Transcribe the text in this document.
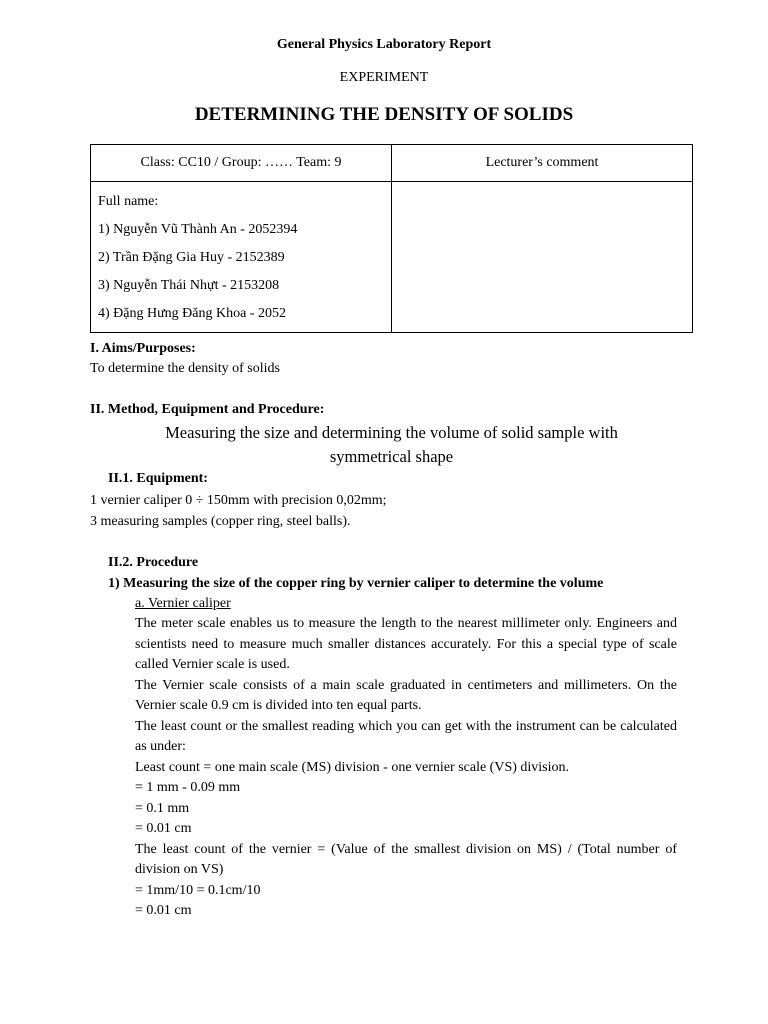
General Physics Laboratory Report
EXPERIMENT
DETERMINING THE DENSITY OF SOLIDS
Class: CC10 / Group: …… Team: 9	Lecturer’s comment

Full name:
1) Nguyễn Vũ Thành An - 2052394
2) Trần Đặng Gia Huy - 2152389
3) Nguyễn Thái Nhựt - 2153208
4) Đặng Hưng Đăng Khoa - 2052	

I. Aims/Purposes:
To determine the density of solids
II. Method, Equipment and Procedure:
Measuring the size and determining the volume of solid sample with
symmetrical shape
II.1. Equipment:
1 vernier caliper 0 ÷ 150mm with precision 0,02mm;
3 measuring samples (copper ring, steel balls).
II.2. Procedure
1) Measuring the size of the copper ring by vernier caliper to determine the volume
a. Vernier caliper

The meter scale enables us to measure the length to the nearest millimeter only. Engineers and scientists need to measure much smaller distances accurately. For this a special type of scale called Vernier scale is used.

The Vernier scale consists of a main scale graduated in centimeters and millimeters. On the Vernier scale 0.9 cm is divided into ten equal parts.

The least count or the smallest reading which you can get with the instrument can be calculated as under:

Least count = one main scale (MS) division - one vernier scale (VS) division.

= 1 mm - 0.09 mm

= 0.1 mm

= 0.01 cm

The least count of the vernier = (Value of the smallest division on MS) / (Total number of division on VS)

= 1mm/10 = 0.1cm/10

= 0.01 cm
